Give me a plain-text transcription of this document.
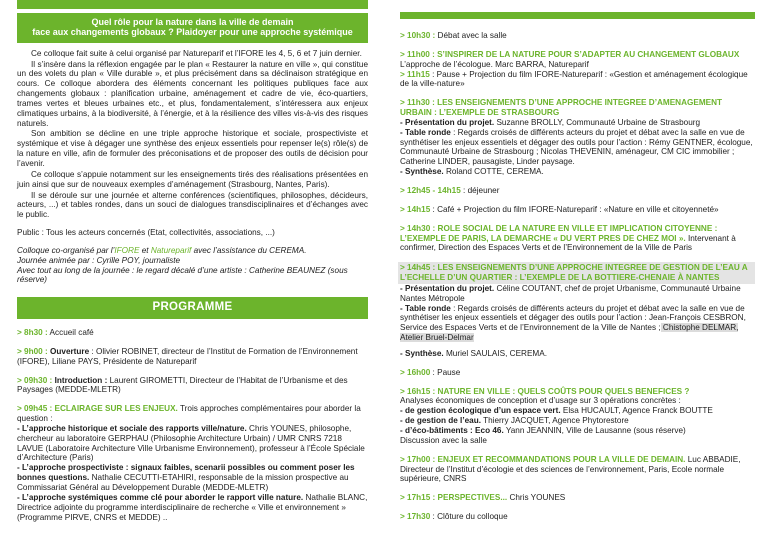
Quel rôle pour la nature dans la ville de demain
face aux changements globaux ? Plaidoyer pour une approche systémique

Ce colloque fait suite à celui organisé par Natureparif et l’IFORE les 4, 5, 6 et 7 juin dernier.

Il s’insère dans la réflexion engagée par le plan « Restaurer la nature en ville », qui constitue un des volets du plan « Ville durable », et plus précisément dans sa déclinaison stratégique en cours. Ce colloque abordera des éléments concernant les politiques publiques face aux changements globaux : planification urbaine, aménagement et cadre de vie, éco-quartiers, trames vertes et bleues urbaines etc., et plus, fondamentalement, s’intéressera aux enjeux climatiques urbains, à la biodiversité, à l’énergie, et à la résilience des villes vis-à-vis des risques naturels.

Son ambition se décline en une triple approche historique et sociale, prospectiviste et systémique et vise à dégager une synthèse des enjeux essentiels pour repenser le(s) rôle(s) de la nature en ville, afin de formuler des préconisations et de proposer des outils de décision pour l’avenir.

Ce colloque s’appuie notamment sur les enseignements tirés des réalisations présentées en juin ainsi que sur de nouveaux exemples d’aménagement (Strasbourg, Nantes, Paris).

Il se déroule sur une journée et alterne conférences (scientifiques, philosophes, décideurs, acteurs, ...) et tables rondes, dans un souci de dialogues transdisciplinaires et d’échanges avec le public.

Public : Tous les acteurs concernés (Etat, collectivités, associations, ...)

Colloque co-organisé par l’IFORE et Natureparif avec l’assistance du CEREMA.

Journée animée par : Cyrille POY, journaliste

Avec tout au long de la journée : le regard décalé d’une artiste : Catherine BEAUNEZ (sous réserve)

PROGRAMME

> 8h30 : Accueil café

> 9h00 : Ouverture : Olivier ROBINET, directeur de l’Institut de Formation de l’Environnement (IFORE), Liliane PAYS, Présidente de Natureparif

> 09h30 : Introduction : Laurent GIROMETTI, Directeur de l’Habitat de l’Urbanisme et des Paysages (MEDDE-MLETR)

> 09h45 : ECLAIRAGE SUR LES ENJEUX. Trois approches complémentaires pour aborder la question :

- L’approche historique et sociale des rapports ville/nature. Chris YOUNES, philosophe, chercheur au laboratoire GERPHAU (Philosophie Architecture Urbain) / UMR CNRS 7218 LAVUE (Laboratoire Architecture Ville Urbanisme Environnement), professeur à l’École Spéciale d’Architecture (Paris)

- L’approche prospectiviste : signaux faibles, scenarii possibles ou comment poser les bonnes questions. Nathalie CECUTTI-ETAHIRI, responsable de la mission prospective au Commissariat Général au Développement Durable (MEDDE-MLETR)

- L’approche systémiques comme clé pour aborder le rapport ville nature. Nathalie BLANC, Directrice adjointe du programme interdisciplinaire de recherche « Ville et environnement » (Programme PIRVE, CNRS et MEDDE) ..

> 10h30 : Débat avec la salle

> 11h00 : S’INSPIRER DE LA NATURE POUR S’ADAPTER AU CHANGEMENT GLOBAUX

L’approche de l’écologue. Marc BARRA, Natureparif

> 11h15 : Pause + Projection du film IFORE-Natureparif : «Gestion et aménagement écologique de la ville-nature»

> 11h30 : LES ENSEIGNEMENTS D’UNE APPROCHE INTEGREE D’AMENAGEMENT URBAIN : L’EXEMPLE DE STRASBOURG

- Présentation du projet. Suzanne BROLLY, Communauté Urbaine de Strasbourg

- Table ronde : Regards croisés de différents acteurs du projet et débat avec la salle en vue de synthétiser les enjeux essentiels et dégager des outils pour l’action : Rémy GENTNER, écologue, Communauté Urbaine de Strasbourg ; Nicolas THEVENIN, aménageur, CM CIC immobilier ; Catherine LINDER, pausagiste, Linder paysage.

- Synthèse. Roland COTTE, CEREMA.

> 12h45 - 14h15 : déjeuner

> 14h15 : Café + Projection du film IFORE-Natureparif : «Nature en ville et citoyenneté»

> 14h30 : ROLE SOCIAL DE LA NATURE EN VILLE ET IMPLICATION CITOYENNE : L’EXEMPLE DE PARIS, LA DEMARCHE « DU VERT PRES DE CHEZ MOI ». Intervenant à confirmer, Direction des Espaces Verts et de l’Environnement de la Ville de Paris

> 14h45 : LES ENSEIGNEMENTS D’UNE APPROCHE INTEGREE DE GESTION DE L’EAU A L’ECHELLE D’UN QUARTIER : L’EXEMPLE DE LA BOTTIERE-CHENAIE À NANTES

- Présentation du projet. Céline COUTANT, chef de projet Urbanisme, Communauté Urbaine Nantes Métropole

- Table ronde : Regards croisés de différents acteurs du projet et débat avec la salle en vue de synthétiser les enjeux essentiels et dégager des outils pour l’action : Jean-François CESBRON, Service des Espaces Verts et de l’Environnement de la Ville de Nantes ; Chistophe DELMAR, Atelier Bruel-Delmar

- Synthèse. Muriel SAULAIS, CEREMA.

> 16h00 : Pause

> 16h15 : NATURE EN VILLE : QUELS COÛTS POUR QUELS BENEFICES ?

Analyses économiques de conception et d’usage sur 3 opérations concrètes :

- de gestion écologique d’un espace vert. Elsa HUCAULT, Agence Franck BOUTTE

- de gestion de l’eau. Thierry JACQUET, Agence Phytorestore

- d’éco-bâtiments : Eco 46. Yann JEANNIN, Ville de Lausanne (sous réserve)

Discussion avec la salle

> 17h00 : ENJEUX ET RECOMMANDATIONS POUR LA VILLE DE DEMAIN. Luc ABBADIE, Directeur de l’Institut d’écologie et des sciences de l’environnement, Paris, Ecole normale supérieure, CNRS

> 17h15 : PERSPECTIVES... Chris YOUNES

> 17h30 : Clôture du colloque
